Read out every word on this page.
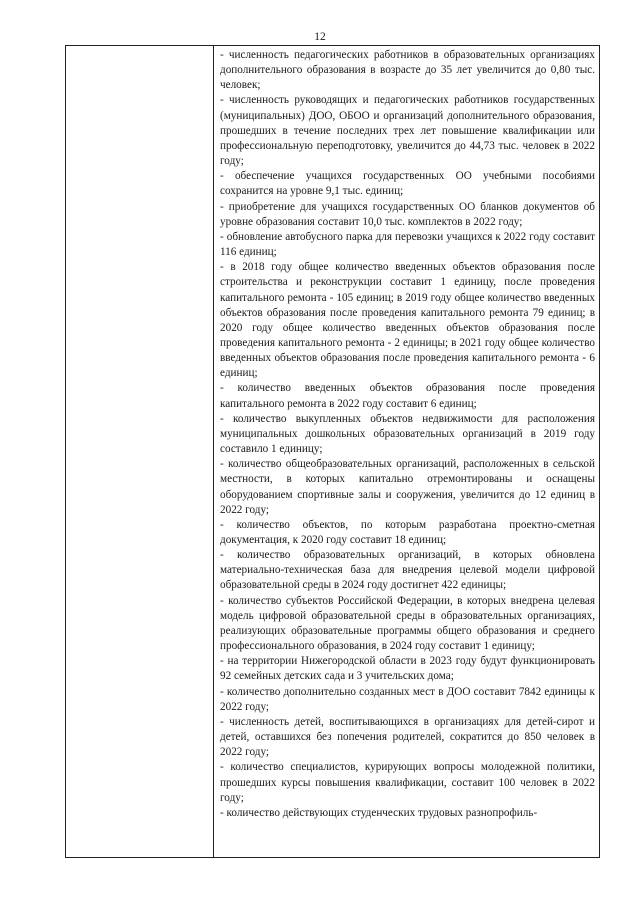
12

- численность педагогических работников в образовательных организациях дополнительного образования в возрасте до 35 лет увеличится до 0,80 тыс. человек;

- численность руководящих и педагогических работников государственных (муниципальных) ДОО, ОБОО и организаций дополнительного образования, прошедших в течение последних трех лет повышение квалификации или профессиональную переподготовку, увеличится до 44,73 тыс. человек в 2022 году;

- обеспечение учащихся государственных ОО учебными пособиями сохранится на уровне 9,1 тыс. единиц;

- приобретение для учащихся государственных ОО бланков документов об уровне образования составит 10,0 тыс. комплектов в 2022 году;

- обновление автобусного парка для перевозки учащихся к 2022 году составит 116 единиц;

- в 2018 году общее количество введенных объектов образования после строительства и реконструкции составит 1 единицу, после проведения капитального ремонта - 105 единиц; в 2019 году общее количество введенных объектов образования после проведения капитального ремонта 79 единиц; в 2020 году общее количество введенных объектов образования после проведения капитального ремонта - 2 единицы; в 2021 году общее количество введенных объектов образования после проведения капитального ремонта - 6 единиц;

- количество введенных объектов образования после проведения капитального ремонта в 2022 году составит 6 единиц;

- количество выкупленных объектов недвижимости для расположения муниципальных дошкольных образовательных организаций в 2019 году составило 1 единицу;

- количество общеобразовательных организаций, расположенных в сельской местности, в которых капитально отремонтированы и оснащены оборудованием спортивные залы и сооружения, увеличится до 12 единиц в 2022 году;

- количество объектов, по которым разработана проектно-сметная документация, к 2020 году составит 18 единиц;

- количество образовательных организаций, в которых обновлена материально-техническая база для внедрения целевой модели цифровой образовательной среды в 2024 году достигнет 422 единицы;

- количество субъектов Российской Федерации, в которых внедрена целевая модель цифровой образовательной среды в образовательных организациях, реализующих образовательные программы общего образования и среднего профессионального образования, в 2024 году составит 1 единицу;

- на территории Нижегородской области в 2023 году будут функционировать 92 семейных детских сада и 3 учительских дома;

- количество дополнительно созданных мест в ДОО составит 7842 единицы к 2022 году;

- численность детей, воспитывающихся в организациях для детей-сирот и детей, оставшихся без попечения родителей, сократится до 850 человек в 2022 году;

- количество специалистов, курирующих вопросы молодежной политики, прошедших курсы повышения квалификации, составит 100 человек в 2022 году;

- количество действующих студенческих трудовых разнопрофиль-
